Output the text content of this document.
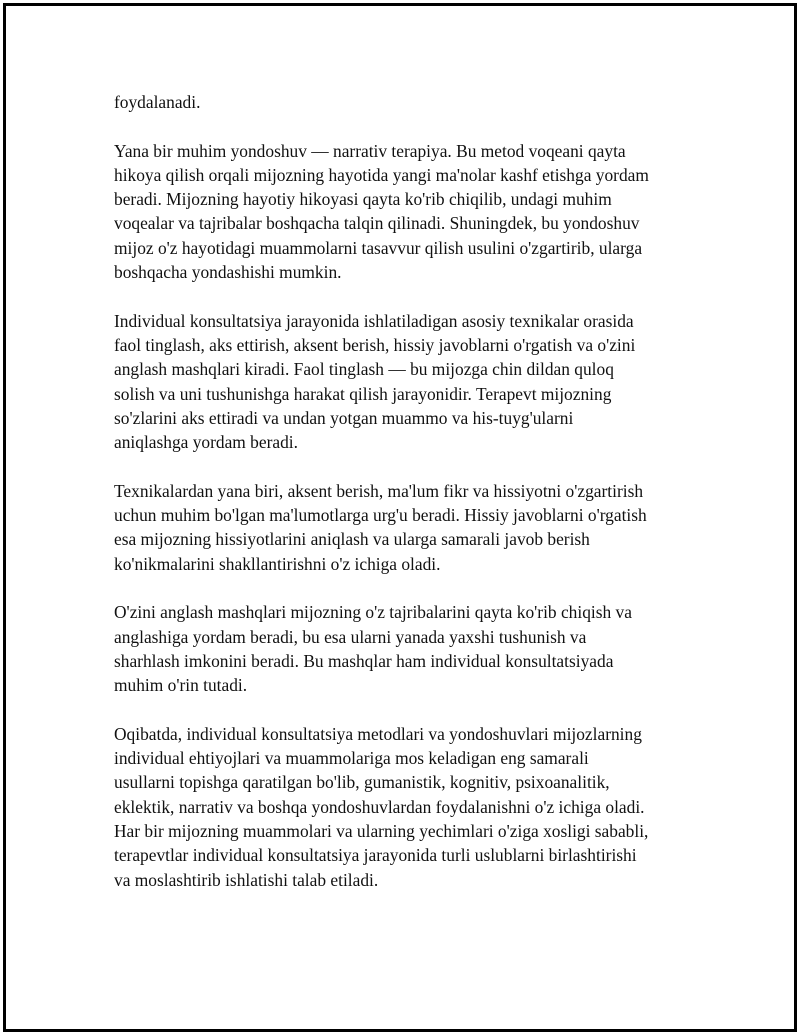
foydalanadi.

Yana bir muhim yondoshuv — narrativ terapiya. Bu metod voqeani qayta
hikoya qilish orqali mijozning hayotida yangi ma'nolar kashf etishga yordam
beradi. Mijozning hayotiy hikoyasi qayta ko'rib chiqilib, undagi muhim
voqealar va tajribalar boshqacha talqin qilinadi. Shuningdek, bu yondoshuv
mijoz o'z hayotidagi muammolarni tasavvur qilish usulini o'zgartirib, ularga
boshqacha yondashishi mumkin.

Individual konsultatsiya jarayonida ishlatiladigan asosiy texnikalar orasida
faol tinglash, aks ettirish, aksent berish, hissiy javoblarni o'rgatish va o'zini
anglash mashqlari kiradi. Faol tinglash — bu mijozga chin dildan quloq
solish va uni tushunishga harakat qilish jarayonidir. Terapevt mijozning
so'zlarini aks ettiradi va undan yotgan muammo va his-tuyg'ularni
aniqlashga yordam beradi.

Texnikalardan yana biri, aksent berish, ma'lum fikr va hissiyotni o'zgartirish
uchun muhim bo'lgan ma'lumotlarga urg'u beradi. Hissiy javoblarni o'rgatish
esa mijozning hissiyotlarini aniqlash va ularga samarali javob berish
ko'nikmalarini shakllantirishni o'z ichiga oladi.

O'zini anglash mashqlari mijozning o'z tajribalarini qayta ko'rib chiqish va
anglashiga yordam beradi, bu esa ularni yanada yaxshi tushunish va
sharhlash imkonini beradi. Bu mashqlar ham individual konsultatsiyada
muhim o'rin tutadi.

Oqibatda, individual konsultatsiya metodlari va yondoshuvlari mijozlarning
individual ehtiyojlari va muammolariga mos keladigan eng samarali
usullarni topishga qaratilgan bo'lib, gumanistik, kognitiv, psixoanalitik,
eklektik, narrativ va boshqa yondoshuvlardan foydalanishni o'z ichiga oladi.
Har bir mijozning muammolari va ularning yechimlari o'ziga xosligi sababli,
terapevtlar individual konsultatsiya jarayonida turli uslublarni birlashtirishi
va moslashtirib ishlatishi talab etiladi.
